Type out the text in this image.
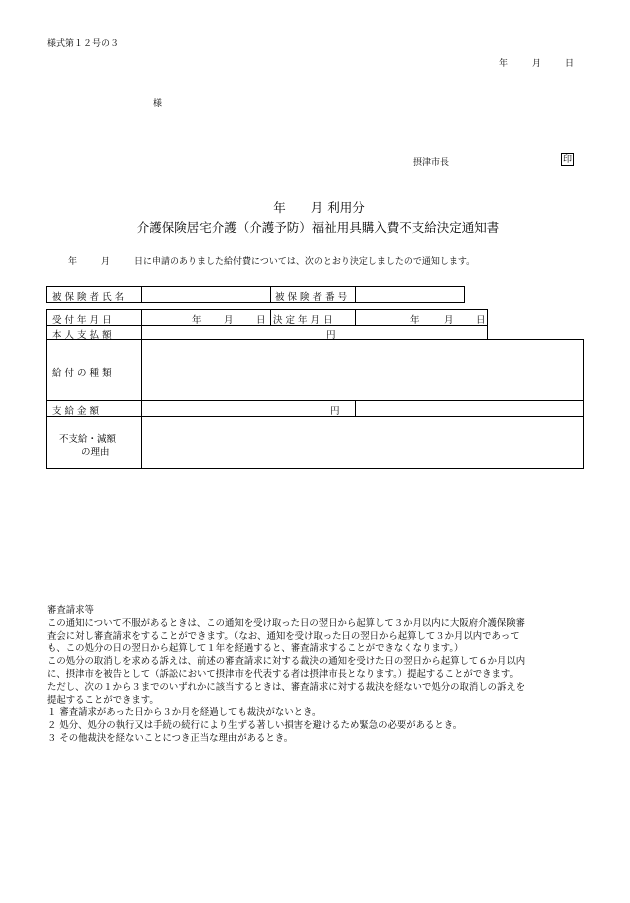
様式第１２号の３
年	月	日
様
摂津市長	印
年　　月 利用分
介護保険居宅介護（介護予防）福祉用具購入費不支給決定通知書
年	月	日に申請のありました給付費については、次のとおり決定しましたので通知します。
被 保 険 者 氏 名	被 保 険 者 番 号
受 付 年 月 日	年 月 日 決 定 年 月 日	年	月 日
本 人 支 払 額	円
給 付 の 種 類
支 給 金 額	円
不支給・減額
の理由
審査請求等
この通知について不服があるときは、この通知を受け取った日の翌日から起算して３か月以内に大阪府介護保険審
査会に対し審査請求をすることができます。（なお、通知を受け取った日の翌日から起算して３か月以内であって
も、この処分の日の翌日から起算して１年を経過すると、審査請求することができなくなります。）
この処分の取消しを求める訴えは、前述の審査請求に対する裁決の通知を受けた日の翌日から起算して６か月以内
に、摂津市を被告として（訴訟において摂津市を代表する者は摂津市長となります。）提起することができます。
ただし、次の１から３までのいずれかに該当するときは、審査請求に対する裁決を経ないで処分の取消しの訴えを
提起することができます。
１ 審査請求があった日から３か月を経過しても裁決がないとき。
２ 処分、処分の執行又は手続の続行により生ずる著しい損害を避けるため緊急の必要があるとき。
３ その他裁決を経ないことにつき正当な理由があるとき。
